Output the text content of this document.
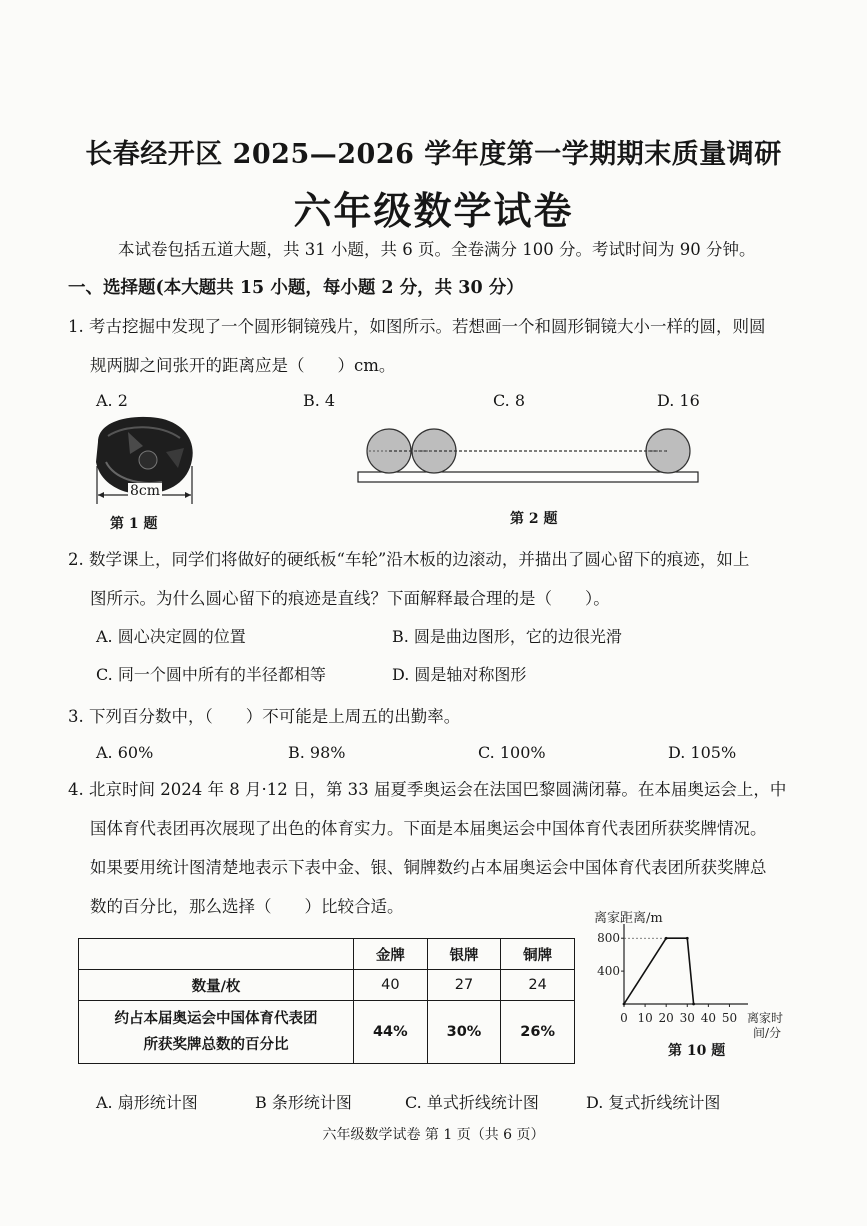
长春经开区 2025—2026 学年度第一学期期末质量调研
六年级数学试卷
本试卷包括五道大题，共 31 小题，共 6 页。全卷满分 100 分。考试时间为 90 分钟。
一、选择题(本大题共 15 小题，每小题 2 分，共 30 分）
1. 考古挖掘中发现了一个圆形铜镜残片，如图所示。若想画一个和圆形铜镜大小一样的圆，则圆
规两脚之间张开的距离应是（　　）cm。
A. 2	B. 4	C. 8	D. 16
8cm
第 1 题	第 2 题
2. 数学课上，同学们将做好的硬纸板“车轮”沿木板的边滚动，并描出了圆心留下的痕迹，如上
图所示。为什么圆心留下的痕迹是直线？下面解释最合理的是（　　）。
A. 圆心决定圆的位置	B. 圆是曲边图形，它的边很光滑
C. 同一个圆中所有的半径都相等	D. 圆是轴对称图形
3. 下列百分数中，（　　）不可能是上周五的出勤率。
A. 60%	B. 98%	C. 100%	D. 105%
4. 北京时间 2024 年 8 月·12 日，第 33 届夏季奥运会在法国巴黎圆满闭幕。在本届奥运会上，中
国体育代表团再次展现了出色的体育实力。下面是本届奥运会中国体育代表团所获奖牌情况。
如果要用统计图清楚地表示下表中金、银、铜牌数约占本届奥运会中国体育代表团所获奖牌总
数的百分比，那么选择（　　）比较合适。
	金牌	银牌	铜牌
数量/枚	40	27	24

约占本届奥运会中国体育代表团
所获奖牌总数的百分比	44%	30%	26%
离家距离/m
400
800
0 10 20 30 40 50 离家时
间/分
第 10 题
A. 扇形统计图	B 条形统计图	C. 单式折线统计图	D. 复式折线统计图
六年级数学试卷 第 1 页（共 6 页）
